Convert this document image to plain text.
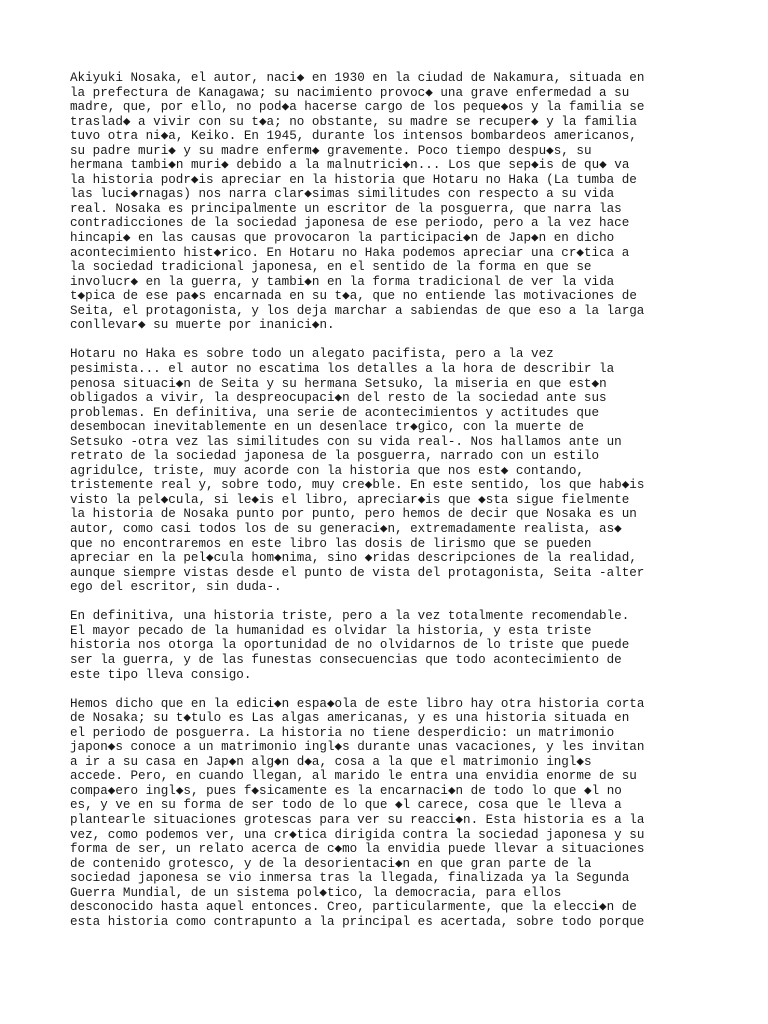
Akiyuki Nosaka, el autor, naci◆ en 1930 en la ciudad de Nakamura, situada en
la prefectura de Kanagawa; su nacimiento provoc◆ una grave enfermedad a su
madre, que, por ello, no pod◆a hacerse cargo de los peque◆os y la familia se
traslad◆ a vivir con su t◆a; no obstante, su madre se recuper◆ y la familia
tuvo otra ni◆a, Keiko. En 1945, durante los intensos bombardeos americanos,
su padre muri◆ y su madre enferm◆ gravemente. Poco tiempo despu◆s, su
hermana tambi◆n muri◆ debido a la malnutrici◆n... Los que sep◆is de qu◆ va
la historia podr◆is apreciar en la historia que Hotaru no Haka (La tumba de
las luci◆rnagas) nos narra clar◆simas similitudes con respecto a su vida
real. Nosaka es principalmente un escritor de la posguerra, que narra las
contradicciones de la sociedad japonesa de ese periodo, pero a la vez hace
hincapi◆ en las causas que provocaron la participaci◆n de Jap◆n en dicho
acontecimiento hist◆rico. En Hotaru no Haka podemos apreciar una cr◆tica a
la sociedad tradicional japonesa, en el sentido de la forma en que se
involucr◆ en la guerra, y tambi◆n en la forma tradicional de ver la vida
t◆pica de ese pa◆s encarnada en su t◆a, que no entiende las motivaciones de
Seita, el protagonista, y los deja marchar a sabiendas de que eso a la larga
conllevar◆ su muerte por inanici◆n.

Hotaru no Haka es sobre todo un alegato pacifista, pero a la vez
pesimista... el autor no escatima los detalles a la hora de describir la
penosa situaci◆n de Seita y su hermana Setsuko, la miseria en que est◆n
obligados a vivir, la despreocupaci◆n del resto de la sociedad ante sus
problemas. En definitiva, una serie de acontecimientos y actitudes que
desembocan inevitablemente en un desenlace tr◆gico, con la muerte de
Setsuko -otra vez las similitudes con su vida real-. Nos hallamos ante un
retrato de la sociedad japonesa de la posguerra, narrado con un estilo
agridulce, triste, muy acorde con la historia que nos est◆ contando,
tristemente real y, sobre todo, muy cre◆ble. En este sentido, los que hab◆is
visto la pel◆cula, si le◆is el libro, apreciar◆is que ◆sta sigue fielmente
la historia de Nosaka punto por punto, pero hemos de decir que Nosaka es un
autor, como casi todos los de su generaci◆n, extremadamente realista, as◆
que no encontraremos en este libro las dosis de lirismo que se pueden
apreciar en la pel◆cula hom◆nima, sino ◆ridas descripciones de la realidad,
aunque siempre vistas desde el punto de vista del protagonista, Seita -alter
ego del escritor, sin duda-.

En definitiva, una historia triste, pero a la vez totalmente recomendable.
El mayor pecado de la humanidad es olvidar la historia, y esta triste
historia nos otorga la oportunidad de no olvidarnos de lo triste que puede
ser la guerra, y de las funestas consecuencias que todo acontecimiento de
este tipo lleva consigo.

Hemos dicho que en la edici◆n espa◆ola de este libro hay otra historia corta
de Nosaka; su t◆tulo es Las algas americanas, y es una historia situada en
el periodo de posguerra. La historia no tiene desperdicio: un matrimonio
japon◆s conoce a un matrimonio ingl◆s durante unas vacaciones, y les invitan
a ir a su casa en Jap◆n alg◆n d◆a, cosa a la que el matrimonio ingl◆s
accede. Pero, en cuando llegan, al marido le entra una envidia enorme de su
compa◆ero ingl◆s, pues f◆sicamente es la encarnaci◆n de todo lo que ◆l no
es, y ve en su forma de ser todo de lo que ◆l carece, cosa que le lleva a
plantearle situaciones grotescas para ver su reacci◆n. Esta historia es a la
vez, como podemos ver, una cr◆tica dirigida contra la sociedad japonesa y su
forma de ser, un relato acerca de c◆mo la envidia puede llevar a situaciones
de contenido grotesco, y de la desorientaci◆n en que gran parte de la
sociedad japonesa se vio inmersa tras la llegada, finalizada ya la Segunda
Guerra Mundial, de un sistema pol◆tico, la democracia, para ellos
desconocido hasta aquel entonces. Creo, particularmente, que la elecci◆n de
esta historia como contrapunto a la principal es acertada, sobre todo porque
